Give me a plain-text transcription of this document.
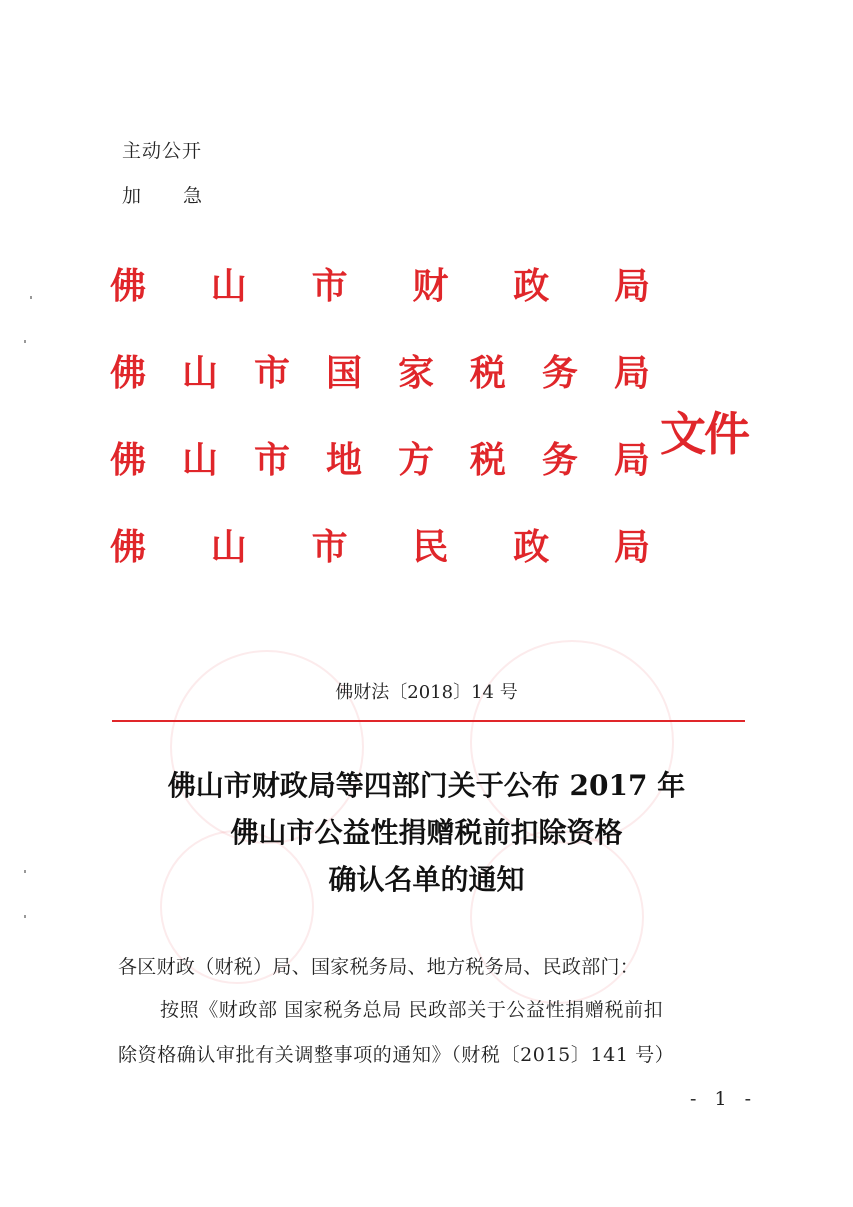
主动公开
加 急
佛 山 市 财 政 局
佛 山 市 国 家 税 务 局
佛 山 市 地 方 税 务 局
佛 山 市 民 政 局
文件
佛财法〔2018〕14 号
佛山市财政局等四部门关于公布 2017 年
佛山市公益性捐赠税前扣除资格
确认名单的通知
各区财政（财税）局、国家税务局、地方税务局、民政部门：
按照《财政部 国家税务总局 民政部关于公益性捐赠税前扣
除资格确认审批有关调整事项的通知》（财税〔2015〕141 号）
- 1 -
